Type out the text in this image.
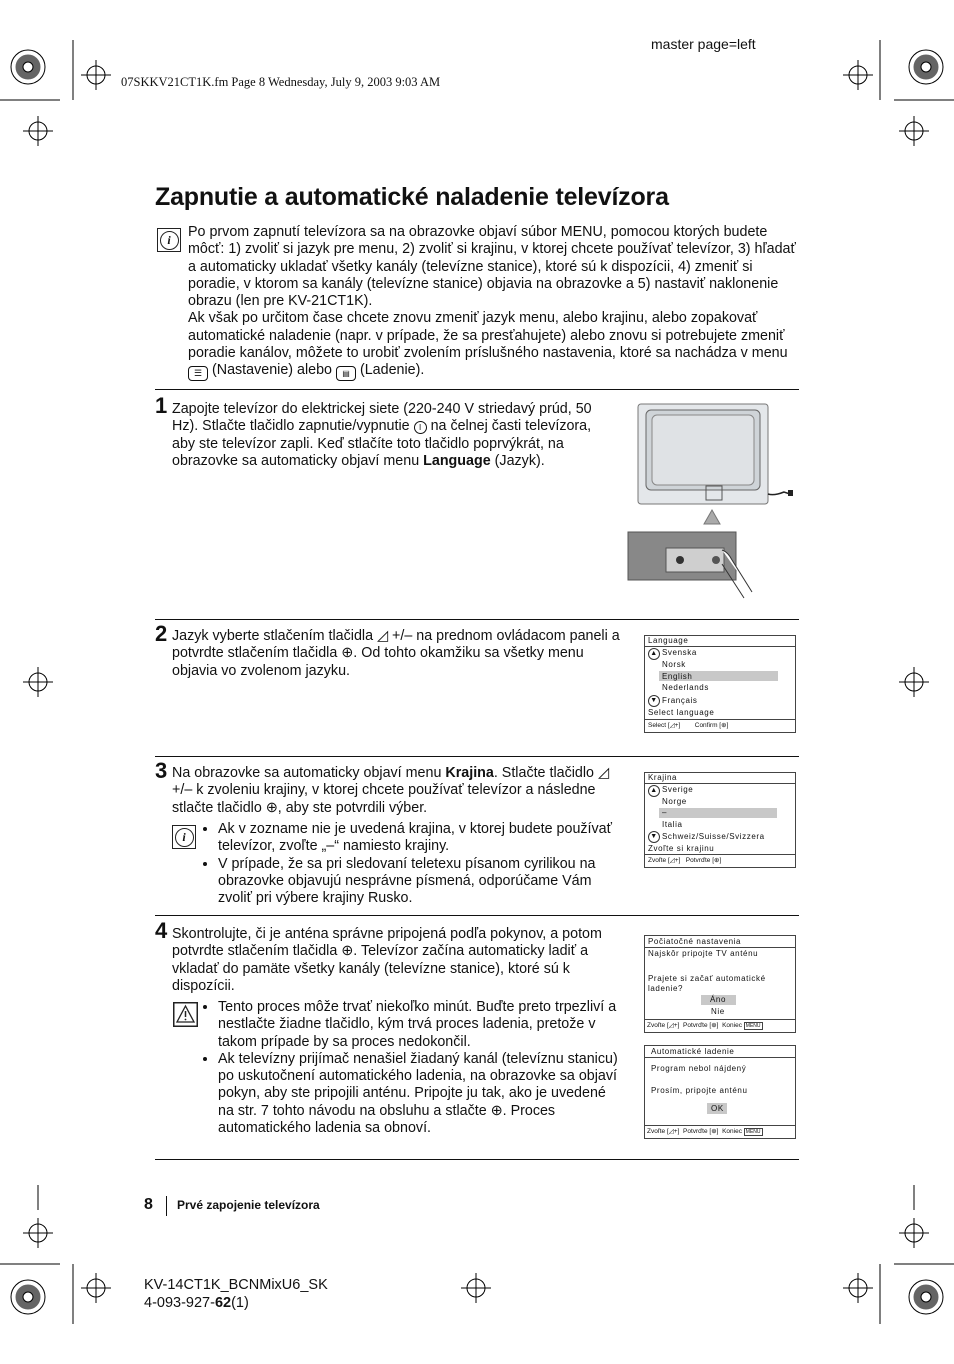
master page=left
07SKKV21CT1K.fm Page 8 Wednesday, July 9, 2003 9:03 AM
Zapnutie a automatické naladenie televízora
i	Po prvom zapnutí televízora sa na obrazovke objaví súbor MENU, pomocou ktorých budete môcť: 1) zvoliť si jazyk pre menu, 2) zvoliť si krajinu, v ktorej chcete používať televízor, 3) hľadať a automaticky ukladať všetky kanály (televízne stanice), ktoré sú k dispozícii, 4) zmeniť si poradie, v ktorom sa kanály (televízne stanice) objavia na obrazovke a 5) nastaviť naklonenie obrazu (len pre KV-21CT1K).
Ak však po určitom čase chcete znovu zmeniť jazyk menu, alebo krajinu, alebo zopakovať automatické naladenie (napr. v prípade, že sa presťahujete) alebo znovu si potrebujete zmeniť poradie kanálov, môžete to urobiť zvolením príslušného nastavenia, ktoré sa nachádza v menu ☰ (Nastavenie) alebo ▤ (Ladenie).
1 Zapojte televízor do elektrickej siete (220-240 V striedavý prúd, 50 Hz). Stlačte tlačidlo zapnutie/vypnutie I na čelnej časti televízora, aby ste televízor zapli. Keď stlačíte toto tlačidlo poprvýkrát, na obrazovke sa automaticky objaví menu Language (Jazyk).
2 Jazyk vyberte stlačením tlačidla ◿ +/– na prednom ovládacom paneli a potvrdte stlačením tlačidla ⊕. Od tohto okamžiku sa všetky menu objavia vo zvolenom jazyku.
Language
▲ Svenska
Norsk
English
Nederlands
▼ Français
Select language
Select [◿+] Confirm [⊕]
3 Na obrazovke sa automaticky objaví menu Krajina. Stlačte tlačidlo ◿ +/– k zvoleniu krajiny, v ktorej chcete používať televízor a následne stlačte tlačidlo ⊕, aby ste potvrdili výber.
i
•	Ak v zozname nie je uvedená krajina, v ktorej budete používať televízor, zvoľte „–“ namiesto krajiny.
• V prípade, že sa pri sledovaní teletexu písanom cyrilikou na obrazovke objavujú nesprávne písmená, odporúčame Vám zvoliť pri výbere krajiny Rusko.
Krajina
▲ Sverige
Norge
–
Italia
▼ Schweiz/Suisse/Svizzera
Zvoľte si krajinu
Zvoľte [◿+] Potvrďte [⊕]
4 Skontrolujte, či je anténa správne pripojená podľa pokynov, a potom potvrdte stlačením tlačidla ⊕. Televízor začína automaticky ladiť a vkladať do pamäte všetky kanály (televízne stanice), ktoré sú k dispozícii.
• Tento proces môže trvať niekoľko minút. Buďte preto trpezliví a nestlačte žiadne tlačidlo, kým trvá proces ladenia, pretože v takom prípade by sa proces nedokončil.
• Ak televízny prijímač nenašiel žiadaný kanál (televíznu stanicu) po uskutočnení automatického ladenia, na obrazovke sa objaví pokyn, aby ste pripojili anténu. Pripojte ju tak, ako je uvedené na str. 7 tohto návodu na obsluhu a stlačte ⊕. Proces automatického ladenia sa obnoví.
Počiatočné nastavenia
Najskôr pripojte TV anténu
Prajete si začať automatické
ladenie?
Áno
Nie
Zvoľte [◿+] Potvrďte [⊕] Koniec MENU
Automatické ladenie
Program nebol nájdený
Prosím, pripojte anténu
OK
Zvoľte [◿+] Potvrďte [⊕] Koniec MENU
8 Prvé zapojenie televízora
KV-14CT1K_BCNMixU6_SK
4-093-927-62(1)
